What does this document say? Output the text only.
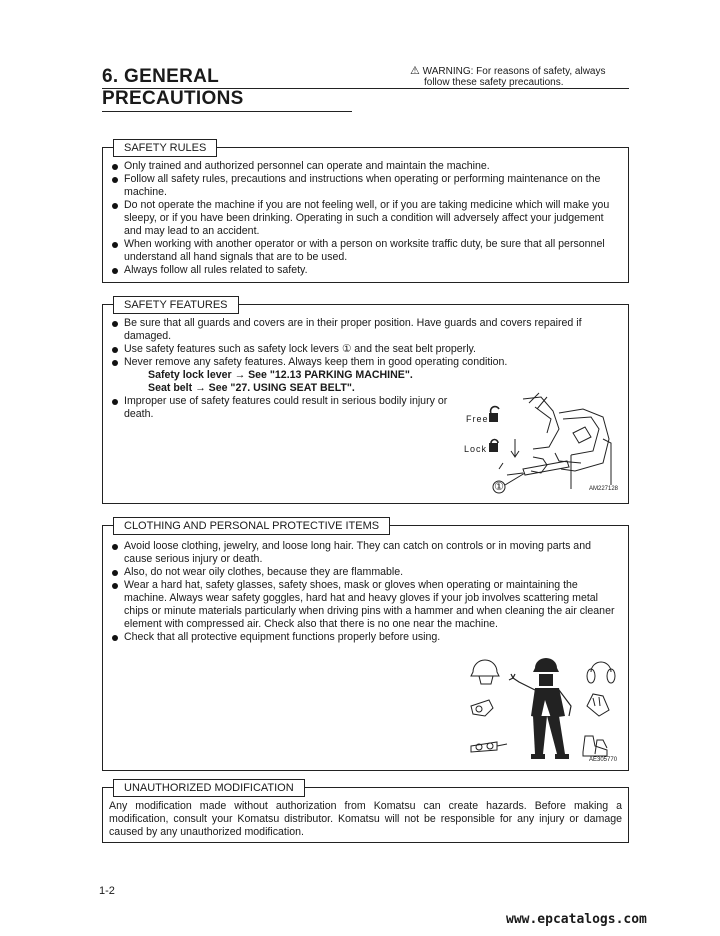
6. GENERAL PRECAUTIONS
⚠ WARNING: For reasons of safety, always
follow these safety precautions.
SAFETY RULES
Only trained and authorized personnel can operate and maintain the machine.
Follow all safety rules, precautions and instructions when operating or performing maintenance on the machine.
Do not operate the machine if you are not feeling well, or if you are taking medicine which will make you sleepy, or if you have been drinking. Operating in such a condition will adversely affect your judgement and may lead to an accident.
When working with another operator or with a person on worksite traffic duty, be sure that all personnel understand all hand signals that are to be used.
Always follow all rules related to safety.
SAFETY FEATURES
Be sure that all guards and covers are in their proper position. Have guards and covers repaired if damaged.
Use safety features such as safety lock levers ① and the seat belt properly.
Never remove any safety features. Always keep them in good operating condition.
Safety lock lever → See "12.13 PARKING MACHINE".
Seat belt → See "27. USING SEAT BELT".
Improper use of safety features could result in serious bodily injury or death.	Free
Lock
①	AM227128
CLOTHING AND PERSONAL PROTECTIVE ITEMS
Avoid loose clothing, jewelry, and loose long hair. They can catch on controls or in moving parts and cause serious injury or death.
Also, do not wear oily clothes, because they are flammable.
Wear a hard hat, safety glasses, safety shoes, mask or gloves when operating or maintaining the machine. Always wear safety goggles, hard hat and heavy gloves if your job involves scattering metal chips or minute materials particularly when driving pins with a hammer and when cleaning the air cleaner element with compressed air. Check also that there is no one near the machine.
Check that all protective equipment functions properly before using.
AE305770
UNAUTHORIZED MODIFICATION
Any modification made without authorization from Komatsu can create hazards. Before making a modification, consult your Komatsu distributor. Komatsu will not be responsible for any injury or damage caused by any unauthorized modification.
1-2
www.epcatalogs.com
